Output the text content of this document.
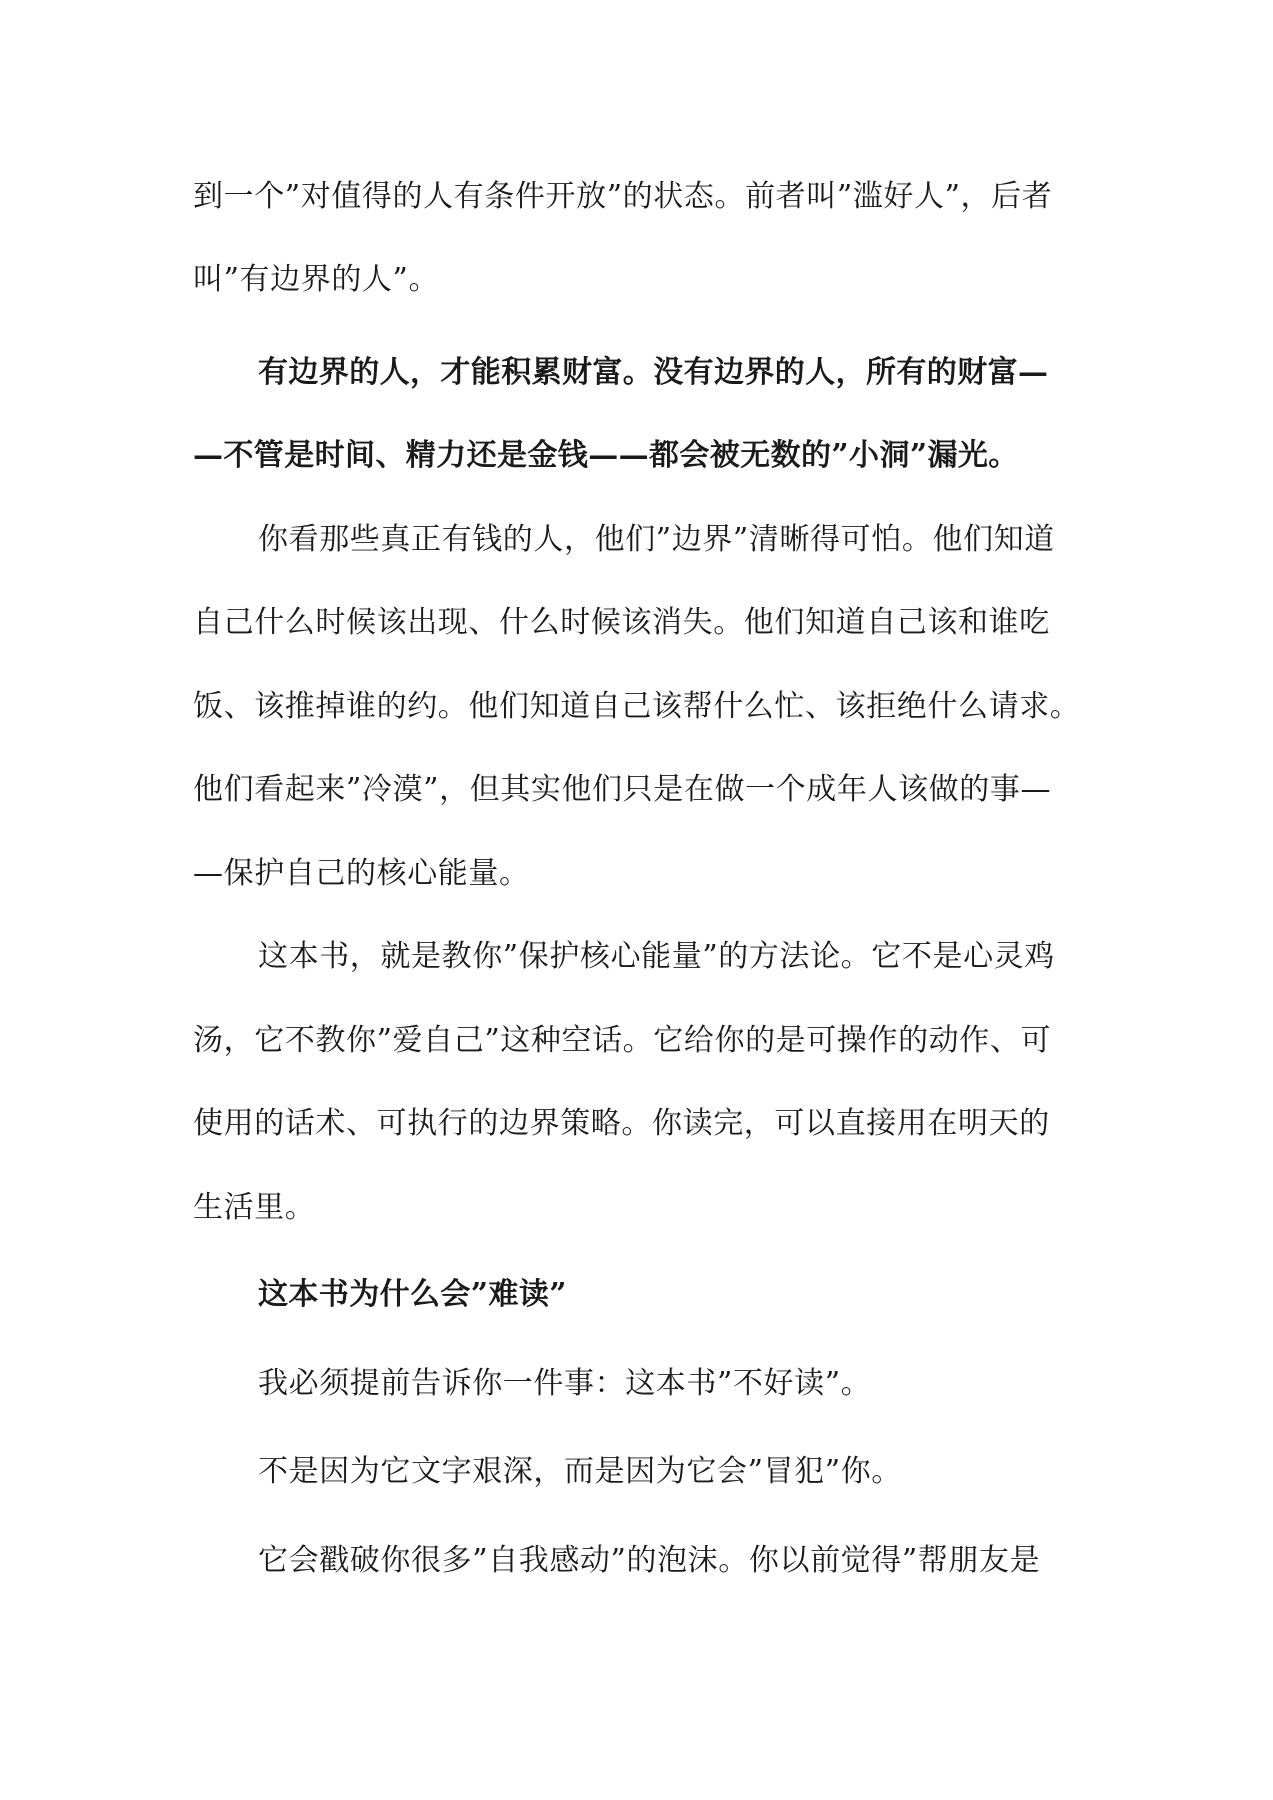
到一个”对值得的人有条件开放”的状态。前者叫”滥好人”，后者
叫”有边界的人”。
有边界的人，才能积累财富。没有边界的人，所有的财富—
—不管是时间、精力还是金钱——都会被无数的”小洞”漏光。
你看那些真正有钱的人，他们”边界”清晰得可怕。他们知道
自己什么时候该出现、什么时候该消失。他们知道自己该和谁吃
饭、该推掉谁的约。他们知道自己该帮什么忙、该拒绝什么请求。
他们看起来”冷漠”，但其实他们只是在做一个成年人该做的事—
—保护自己的核心能量。
这本书，就是教你”保护核心能量”的方法论。它不是心灵鸡
汤，它不教你”爱自己”这种空话。它给你的是可操作的动作、可
使用的话术、可执行的边界策略。你读完，可以直接用在明天的
生活里。
这本书为什么会”难读”
我必须提前告诉你一件事：这本书”不好读”。
不是因为它文字艰深，而是因为它会”冒犯”你。
它会戳破你很多”自我感动”的泡沫。你以前觉得”帮朋友是
